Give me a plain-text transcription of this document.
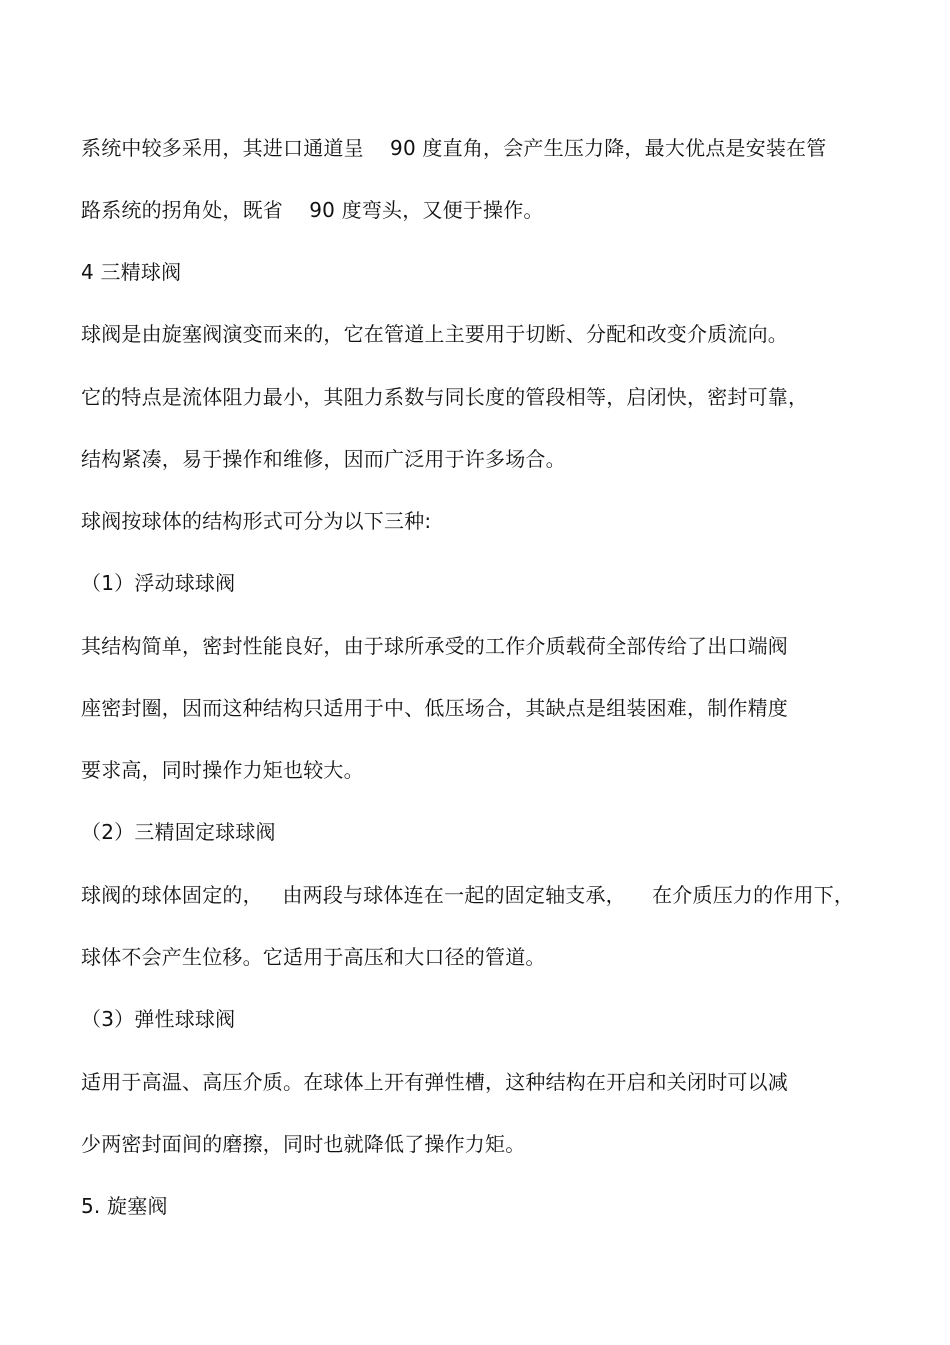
系统中较多采用，其进口通道呈    90 度直角，会产生压力降，最大优点是安装在管
路系统的拐角处，既省    90 度弯头，又便于操作。
4 三精球阀
球阀是由旋塞阀演变而来的，它在管道上主要用于切断、分配和改变介质流向。
它的特点是流体阻力最小，其阻力系数与同长度的管段相等，启闭快，密封可靠，
结构紧凑，易于操作和维修，因而广泛用于许多场合。
球阀按球体的结构形式可分为以下三种:
（1）浮动球球阀
其结构简单，密封性能良好，由于球所承受的工作介质载荷全部传给了出口端阀
座密封圈，因而这种结构只适用于中、低压场合，其缺点是组装困难，制作精度
要求高，同时操作力矩也较大。
（2）三精固定球球阀
球阀的球体固定的，   由两段与球体连在一起的固定轴支承，    在介质压力的作用下，
球体不会产生位移。它适用于高压和大口径的管道。
（3）弹性球球阀
适用于高温、高压介质。在球体上开有弹性槽，这种结构在开启和关闭时可以减
少两密封面间的磨擦，同时也就降低了操作力矩。
5. 旋塞阀
